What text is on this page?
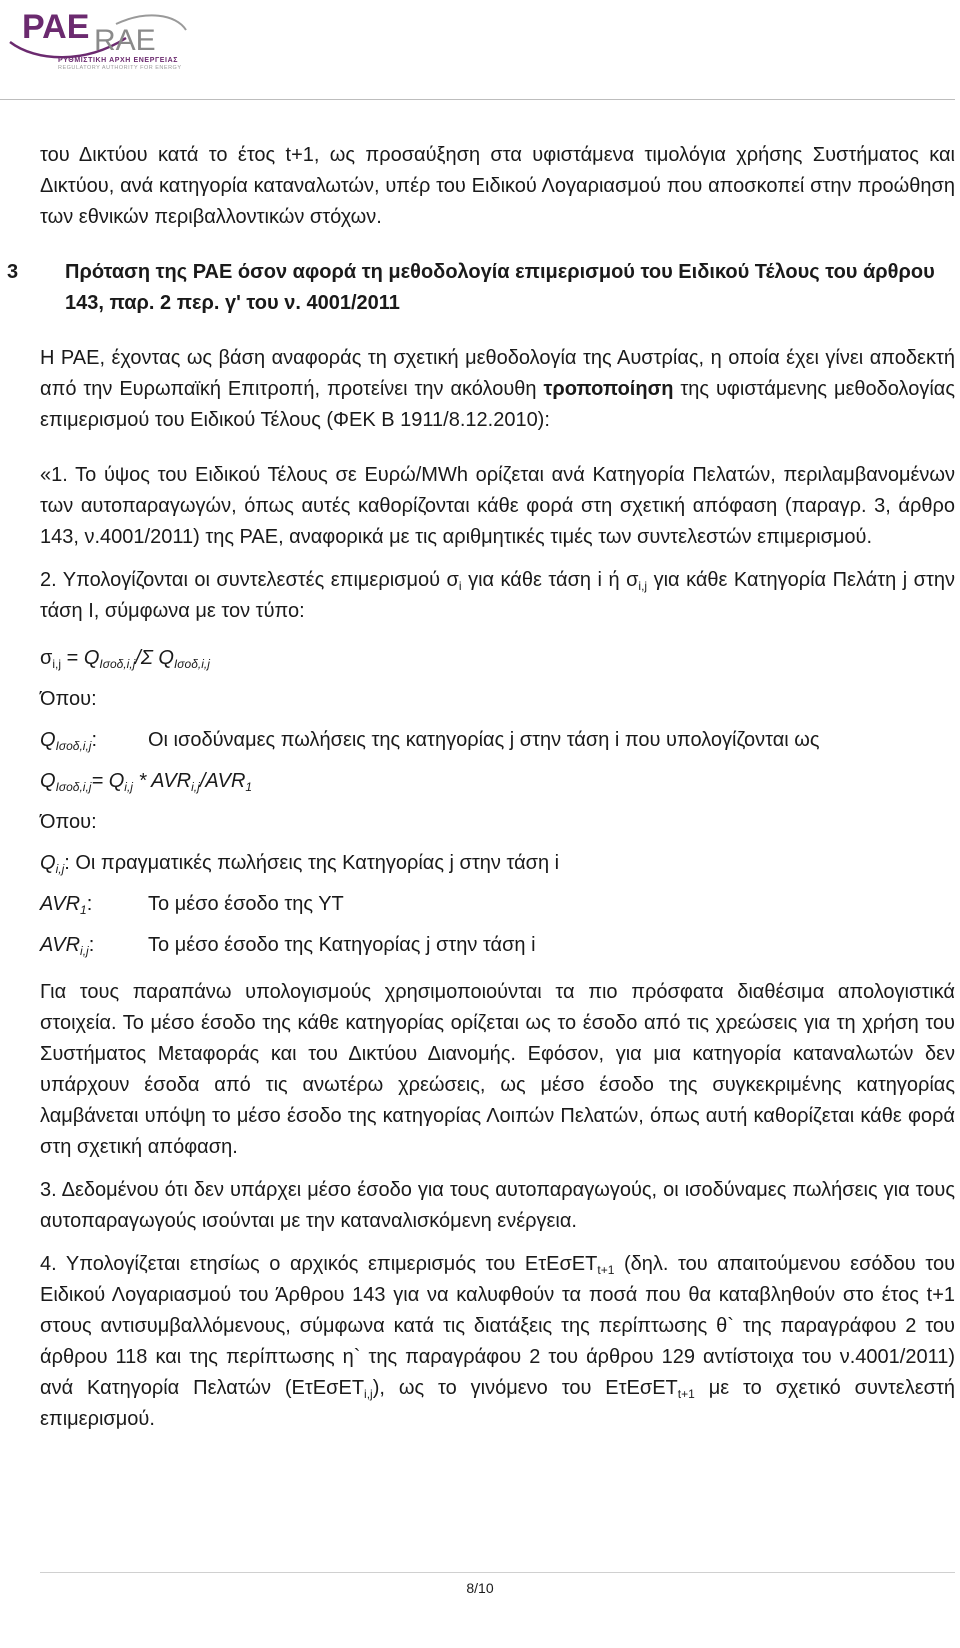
ΡΑΕ RAE
ΡΥΘΜΙΣΤΙΚΗ ΑΡΧΗ ΕΝΕΡΓΕΙΑΣ
REGULATORY AUTHORITY FOR ENERGY

του Δικτύου κατά το έτος t+1, ως προσαύξηση στα υφιστάμενα τιμολόγια χρήσης Συστήματος και Δικτύου, ανά κατηγορία καταναλωτών, υπέρ του Ειδικού Λογαριασμού που αποσκοπεί στην προώθηση των εθνικών περιβαλλοντικών στόχων.

3 Πρόταση της ΡΑΕ όσον αφορά τη μεθοδολογία επιμερισμού του Ειδικού Τέλους του άρθρου 143, παρ. 2 περ. γ' του ν. 4001/2011

Η ΡΑΕ, έχοντας ως βάση αναφοράς τη σχετική μεθοδολογία της Αυστρίας, η οποία έχει γίνει αποδεκτή από την Ευρωπαϊκή Επιτροπή, προτείνει την ακόλουθη τροποποίηση της υφιστάμενης μεθοδολογίας επιμερισμού του Ειδικού Τέλους (ΦΕΚ Β 1911/8.12.2010):

«1. Το ύψος του Ειδικού Τέλους σε Ευρώ/MWh ορίζεται ανά Κατηγορία Πελατών, περιλαμβανομένων των αυτοπαραγωγών, όπως αυτές καθορίζονται κάθε φορά στη σχετική απόφαση (παραγρ. 3, άρθρο 143, ν.4001/2011) της ΡΑΕ, αναφορικά με τις αριθμητικές τιμές των συντελεστών επιμερισμού.

2. Υπολογίζονται οι συντελεστές επιμερισμού $\sigma_i$ για κάθε τάση i ή $\sigma_{i,j}$ για κάθε Κατηγορία Πελάτη j στην τάση I, σύμφωνα με τον τύπο:

$\sigma_{i,j} = Q_{I\sigma o\delta,i,j}/\Sigma$ $Q_{I\sigma o\delta,i,j}$

Όπου:

$Q_{I\sigma o\delta,i,j}$:	Οι ισοδύναμες πωλήσεις της κατηγορίας j στην τάση i που υπολογίζονται ως

$Q_{I\sigma o\delta,i,j}= Q_{i,j} * AVR_{i,j}/AVR_1$

Όπου:

$Q_{i,j}$: Οι πραγματικές πωλήσεις της Κατηγορίας j στην τάση i

$AVR_1$:	Το μέσο έσοδο της ΥΤ
$AVR_{i,j}$:	Το μέσο έσοδο της Κατηγορίας j στην τάση i

Για τους παραπάνω υπολογισμούς χρησιμοποιούνται τα πιο πρόσφατα διαθέσιμα απολογιστικά στοιχεία. Το μέσο έσοδο της κάθε κατηγορίας ορίζεται ως το έσοδο από τις χρεώσεις για τη χρήση του Συστήματος Μεταφοράς και του Δικτύου Διανομής. Εφόσον, για μια κατηγορία καταναλωτών δεν υπάρχουν έσοδα από τις ανωτέρω χρεώσεις, ως μέσο έσοδο της συγκεκριμένης κατηγορίας λαμβάνεται υπόψη το μέσο έσοδο της κατηγορίας Λοιπών Πελατών, όπως αυτή καθορίζεται κάθε φορά στη σχετική απόφαση.

3. Δεδομένου ότι δεν υπάρχει μέσο έσοδο για τους αυτοπαραγωγούς, οι ισοδύναμες πωλήσεις για τους αυτοπαραγωγούς ισούνται με την καταναλισκόμενη ενέργεια.

4. Υπολογίζεται ετησίως ο αρχικός επιμερισμός του ΕτΕσΕΤ$_{t+1}$ (δηλ. του απαιτούμενου εσόδου του Ειδικού Λογαριασμού του Άρθρου 143 για να καλυφθούν τα ποσά που θα καταβληθούν στο έτος t+1 στους αντισυμβαλλόμενους, σύμφωνα κατά τις διατάξεις της περίπτωσης θ` της παραγράφου 2 του άρθρου 118 και της περίπτωσης η` της παραγράφου 2 του άρθρου 129 αντίστοιχα του ν.4001/2011) ανά Κατηγορία Πελατών (ΕτΕσΕΤ$_{i,j}$), ως το γινόμενο του ΕτΕσΕΤ$_{t+1}$ με το σχετικό συντελεστή επιμερισμού.

8/10
